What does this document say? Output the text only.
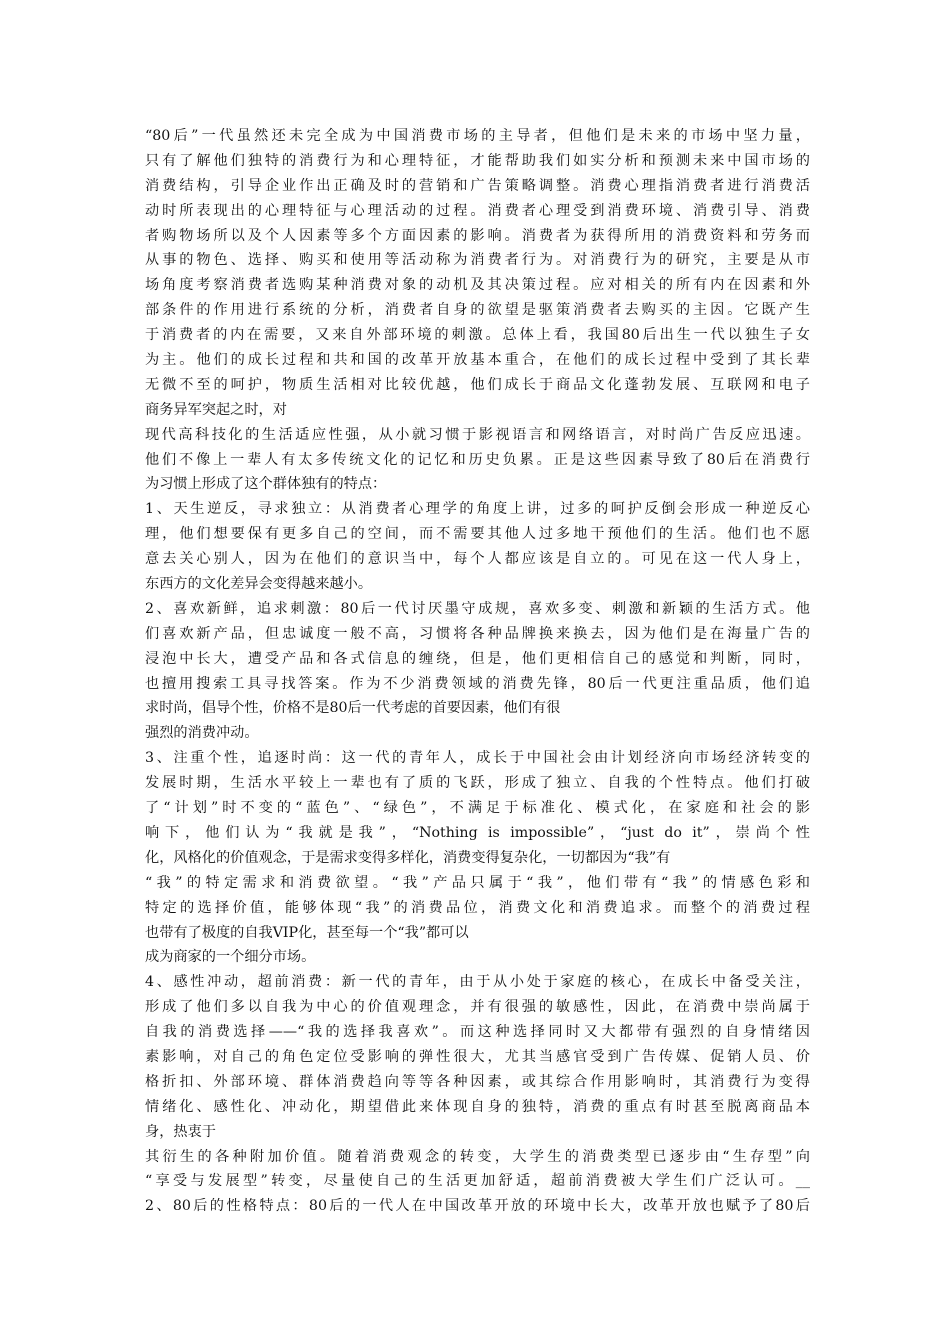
“80后”一代虽然还未完全成为中国消费市场的主导者，但他们是未来的市场中坚力量，
只有了解他们独特的消费行为和心理特征，才能帮助我们如实分析和预测未来中国市场的
消费结构，引导企业作出正确及时的营销和广告策略调整。消费心理指消费者进行消费活
动时所表现出的心理特征与心理活动的过程。消费者心理受到消费环境、消费引导、消费
者购物场所以及个人因素等多个方面因素的影响。消费者为获得所用的消费资料和劳务而
从事的物色、选择、购买和使用等活动称为消费者行为。对消费行为的研究，主要是从市
场角度考察消费者选购某种消费对象的动机及其决策过程。应对相关的所有内在因素和外
部条件的作用进行系统的分析，消费者自身的欲望是驱策消费者去购买的主因。它既产生
于消费者的内在需要，又来自外部环境的刺激。总体上看，我国80后出生一代以独生子女
为主。他们的成长过程和共和国的改革开放基本重合，在他们的成长过程中受到了其长辈
无微不至的呵护，物质生活相对比较优越，他们成长于商品文化蓬勃发展、互联网和电子
商务异军突起之时，对
现代高科技化的生活适应性强，从小就习惯于影视语言和网络语言，对时尚广告反应迅速。
他们不像上一辈人有太多传统文化的记忆和历史负累。正是这些因素导致了80后在消费行
为习惯上形成了这个群体独有的特点：
1、天生逆反，寻求独立：从消费者心理学的角度上讲，过多的呵护反倒会形成一种逆反心
理，他们想要保有更多自己的空间，而不需要其他人过多地干预他们的生活。他们也不愿
意去关心别人，因为在他们的意识当中，每个人都应该是自立的。可见在这一代人身上，
东西方的文化差异会变得越来越小。
2、喜欢新鲜，追求刺激：80后一代讨厌墨守成规，喜欢多变、刺激和新颖的生活方式。他
们喜欢新产品，但忠诚度一般不高，习惯将各种品牌换来换去，因为他们是在海量广告的
浸泡中长大，遭受产品和各式信息的缠绕，但是，他们更相信自己的感觉和判断，同时，
也擅用搜索工具寻找答案。作为不少消费领域的消费先锋，80后一代更注重品质，他们追
求时尚，倡导个性，价格不是80后一代考虑的首要因素，他们有很
强烈的消费冲动。
3、注重个性，追逐时尚：这一代的青年人，成长于中国社会由计划经济向市场经济转变的
发展时期，生活水平较上一辈也有了质的飞跃，形成了独立、自我的个性特点。他们打破
了“计划”时不变的“蓝色”、“绿色”，不满足于标准化、模式化，在家庭和社会的影
响下，他们认为“我就是我”，“Nothing is impossible”，“just do it”，崇尚个性
化，风格化的价值观念，于是需求变得多样化，消费变得复杂化，一切都因为“我”有
“我”的特定需求和消费欲望。“我”产品只属于“我”，他们带有“我”的情感色彩和
特定的选择价值，能够体现“我”的消费品位，消费文化和消费追求。而整个的消费过程
也带有了极度的自我VIP化，甚至每一个“我”都可以
成为商家的一个细分市场。
4、感性冲动，超前消费：新一代的青年，由于从小处于家庭的核心，在成长中备受关注，
形成了他们多以自我为中心的价值观理念，并有很强的敏感性，因此，在消费中崇尚属于
自我的消费选择——“我的选择我喜欢”。而这种选择同时又大都带有强烈的自身情绪因
素影响，对自己的角色定位受影响的弹性很大，尤其当感官受到广告传媒、促销人员、价
格折扣、外部环境、群体消费趋向等等各种因素，或其综合作用影响时，其消费行为变得
情绪化、感性化、冲动化，期望借此来体现自身的独特，消费的重点有时甚至脱离商品本
身，热衷于
其衍生的各种附加价值。随着消费观念的转变，大学生的消费类型已逐步由“生存型”向
“享受与发展型”转变，尽量使自己的生活更加舒适，超前消费被大学生们广泛认可。__
2、80后的性格特点：80后的一代人在中国改革开放的环境中长大，改革开放也赋予了80后
